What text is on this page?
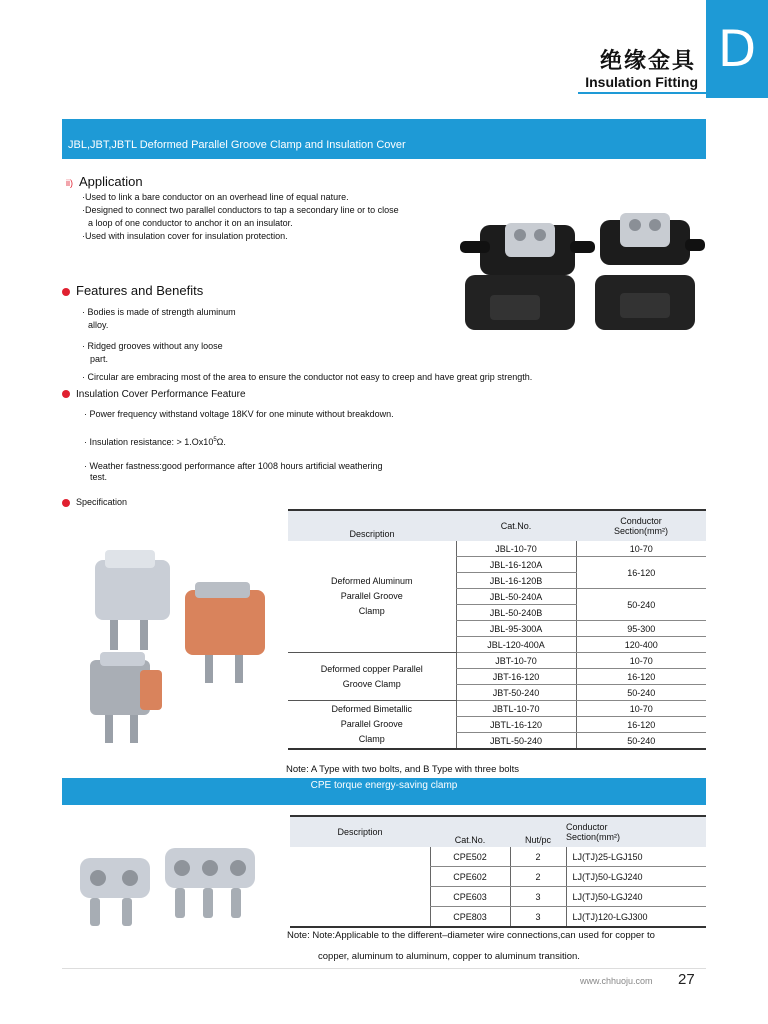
D
绝缘金具
Insulation Fitting
JBL,JBT,JBTL Deformed Parallel Groove Clamp and Insulation Cover
ii) Application
·Used to link a bare conductor on an overhead line of equal nature.
·Designed to connect two parallel conductors to tap a secondary line or to close
a loop of one conductor to anchor it on an insulator.
·Used with insulation cover for insulation protection.
Features and Benefits
· Bodies is made of strength aluminum
alloy.
· Ridged grooves without any loose
part.
· Circular are embracing most of the area to ensure the conductor not easy to creep and have great grip strength.
Insulation Cover Performance Feature
· Power frequency withstand voltage 18KV for one minute without breakdown.
· Insulation resistance: > $1.Ox10^5\Omega$.
· Weather fastness:good performance after 1008 hours artificial weathering
test.
Specification
Description	Cat.No.	Conductor
Section(mm²)

Deformed Aluminum
Parallel Groove
Clamp	JBL-10-70	10-70
	JBL-16-120A	16-120
	JBL-16-120B	
	JBL-50-240A	50-240
	JBL-50-240B	
	JBL-95-300A	95-300
	JBL-120-400A	120-400

Deformed copper Parallel
Groove Clamp	JBT-10-70	10-70
	JBT-16-120	16-120
	JBT-50-240	50-240

Deformed Bimetallic
Parallel Groove
Clamp	JBTL-10-70	10-70
	JBTL-16-120	16-120
	JBTL-50-240	50-240
Note: A Type with two bolts, and B Type with three bolts
CPE torque energy-saving clamp
Description	Cat.No.	Nut/pc	Conductor
Section(mm²)
	CPE502	2	LJ(TJ)25-LGJ150
	CPE602	2	LJ(TJ)50-LGJ240
	CPE603	3	LJ(TJ)50-LGJ240
	CPE803	3	LJ(TJ)120-LGJ300
Note: Note:Applicable to the different–diameter wire connections,can used for copper to
copper, aluminum to aluminum, copper to aluminum transition.
www.chhuoju.com 27
